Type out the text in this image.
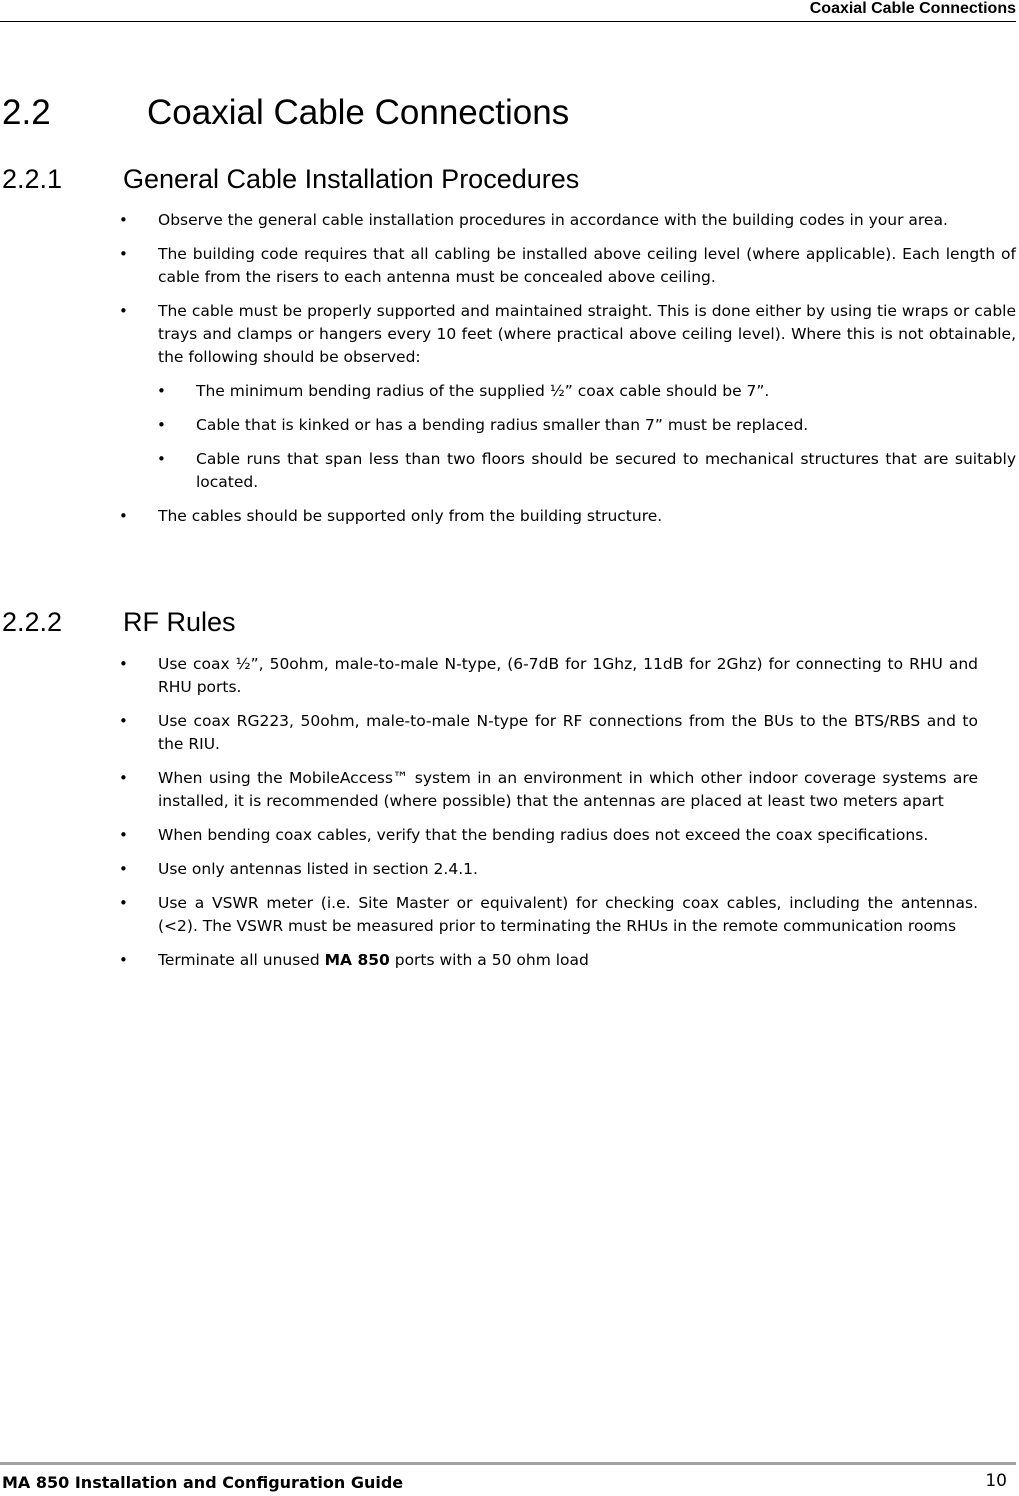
Coaxial Cable Connections
2.2	Coaxial Cable Connections
2.2.1 General Cable Installation Procedures
• Observe the general cable installation procedures in accordance with the building codes in your area.
• The building code requires that all cabling be installed above ceiling level (where applicable). Each length of cable from the risers to each antenna must be concealed above ceiling.
• The cable must be properly supported and maintained straight. This is done either by using tie wraps or cable trays and clamps or hangers every 10 feet (where practical above ceiling level). Where this is not obtainable, the following should be observed:
• The minimum bending radius of the supplied ½” coax cable should be 7”.
• Cable that is kinked or has a bending radius smaller than 7” must be replaced.
• Cable runs that span less than two floors should be secured to mechanical structures that are suitably located.
• The cables should be supported only from the building structure.
2.2.2 RF Rules
• Use coax ½”, 50ohm, male-to-male N-type, (6-7dB for 1Ghz, 11dB for 2Ghz) for connecting to RHU and RHU ports.
• Use coax RG223, 50ohm, male-to-male N-type for RF connections from the BUs to the BTS/RBS and to the RIU.
• When using the MobileAccess™ system in an environment in which other indoor coverage systems are installed, it is recommended (where possible) that the antennas are placed at least two meters apart
• When bending coax cables, verify that the bending radius does not exceed the coax specifications.
• Use only antennas listed in section 2.4.1.
• Use a VSWR meter (i.e. Site Master or equivalent) for checking coax cables, including the antennas. (<2). The VSWR must be measured prior to terminating the RHUs in the remote communication rooms
• Terminate all unused MA 850 ports with a 50 ohm load
MA 850 Installation and Configuration Guide	10
